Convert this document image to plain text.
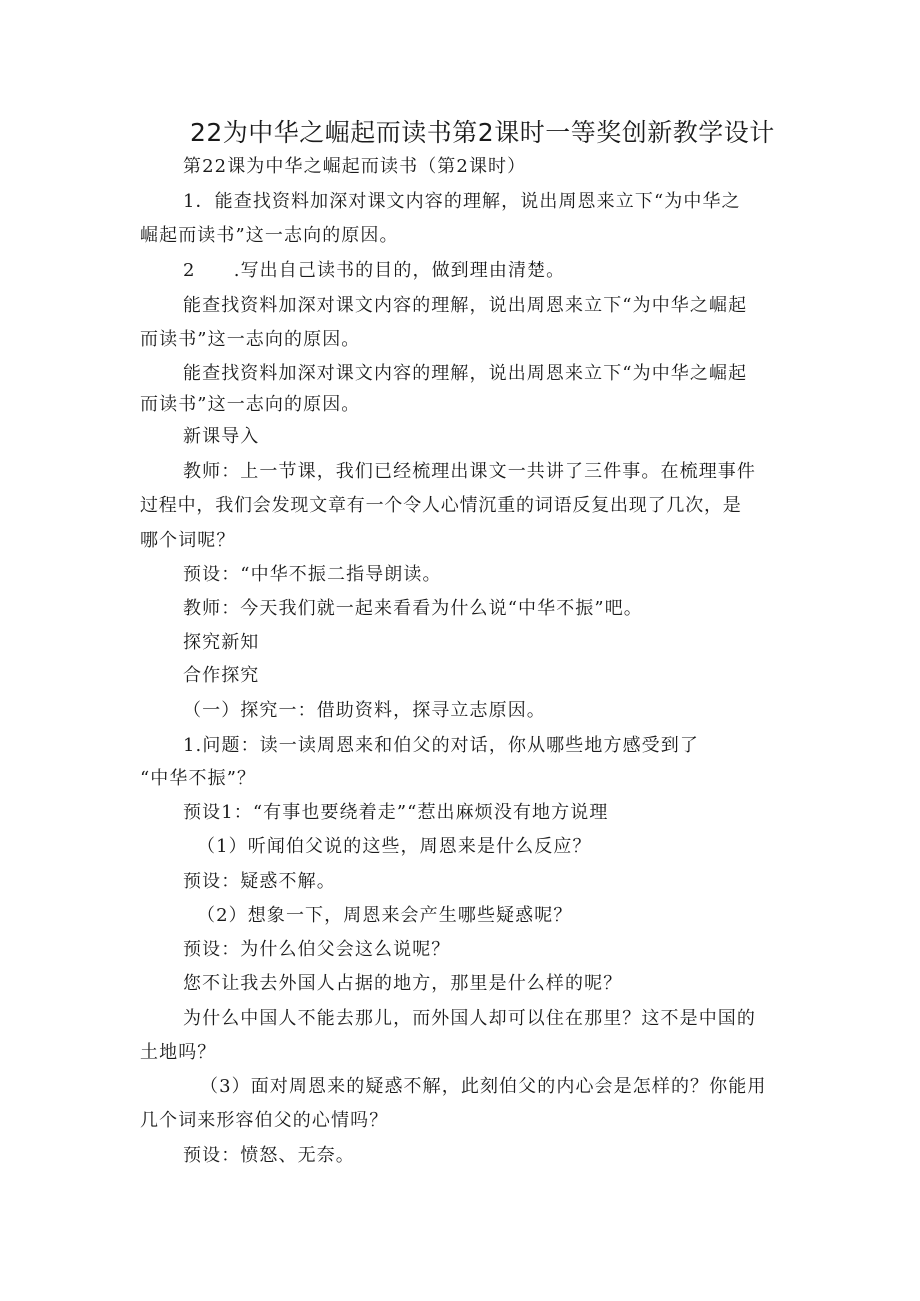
22为中华之崛起而读书第2课时一等奖创新教学设计
第22课为中华之崛起而读书（第2课时）
1．能查找资料加深对课文内容的理解，说出周恩来立下“为中华之
崛起而读书”这一志向的原因。
2　　.写出自己读书的目的，做到理由清楚。
能查找资料加深对课文内容的理解，说出周恩来立下“为中华之崛起
而读书”这一志向的原因。
能查找资料加深对课文内容的理解，说出周恩来立下“为中华之崛起
而读书”这一志向的原因。
新课导入
教师：上一节课，我们已经梳理出课文一共讲了三件事。在梳理事件
过程中，我们会发现文章有一个令人心情沉重的词语反复出现了几次，是
哪个词呢？
预设：“中华不振二指导朗读。
教师：今天我们就一起来看看为什么说“中华不振”吧。
探究新知
合作探究
（一）探究一：借助资料，探寻立志原因。
1.问题：读一读周恩来和伯父的对话，你从哪些地方感受到了
“中华不振”？
预设1：“有事也要绕着走”“惹出麻烦没有地方说理
（1）听闻伯父说的这些，周恩来是什么反应？
预设：疑惑不解。
（2）想象一下，周恩来会产生哪些疑惑呢？
预设：为什么伯父会这么说呢？
您不让我去外国人占据的地方，那里是什么样的呢？
为什么中国人不能去那儿，而外国人却可以住在那里？这不是中国的
土地吗？
（3）面对周恩来的疑惑不解，此刻伯父的内心会是怎样的？你能用
几个词来形容伯父的心情吗？
预设：愤怒、无奈。
